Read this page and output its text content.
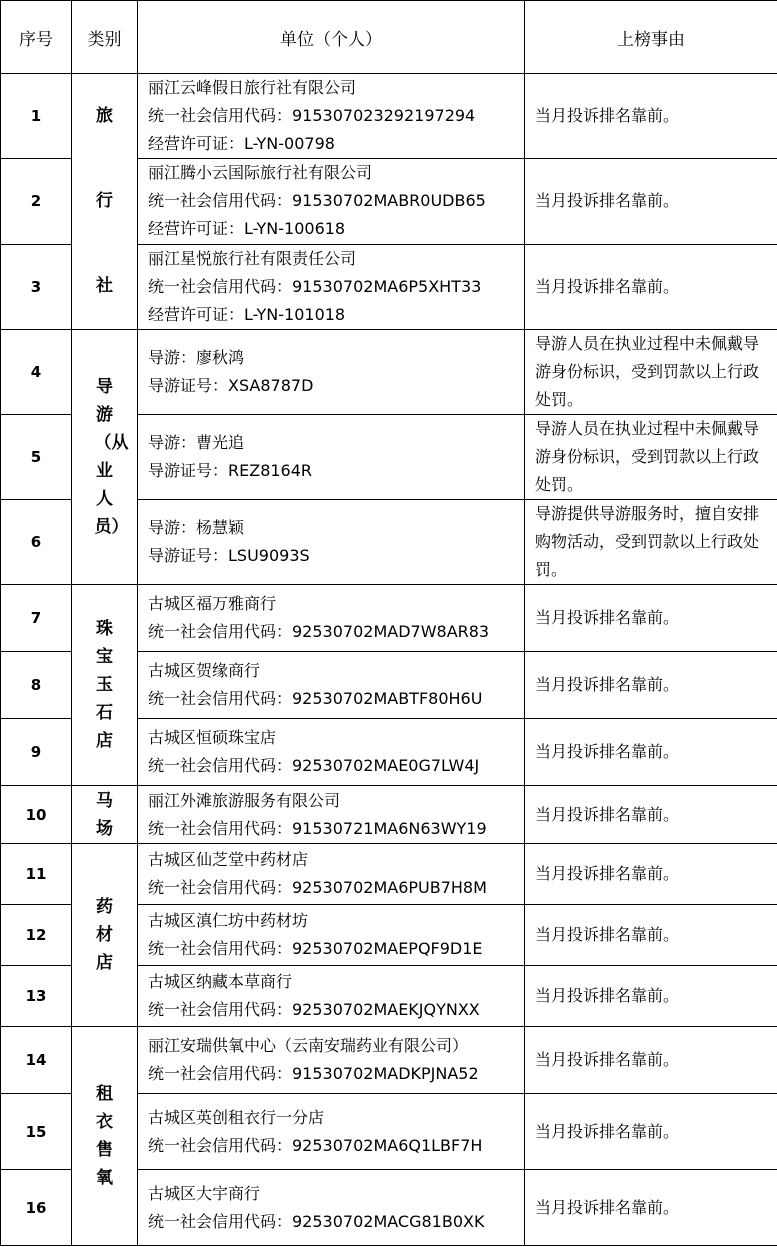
序号	类别	单位（个人）	上榜事由
1	旅行社	丽江云峰假日旅行社有限公司
统一社会信用代码：915307023292197294
经营许可证：L-YN-00798	当月投诉排名靠前。
2		丽江腾小云国际旅行社有限公司
统一社会信用代码：91530702MABR0UDB65
经营许可证：L-YN-100618	当月投诉排名靠前。
3		丽江星悦旅行社有限责任公司
统一社会信用代码：91530702MA6P5XHT33
经营许可证：L-YN-101018	当月投诉排名靠前。
4	导游（从业人员）	导游：廖秋鸿
导游证号：XSA8787D	导游人员在执业过程中未佩戴导游身份标识，受到罚款以上行政处罚。
5		导游：曹光追
导游证号：REZ8164R	导游人员在执业过程中未佩戴导游身份标识，受到罚款以上行政处罚。
6		导游：杨慧颖
导游证号：LSU9093S	导游提供导游服务时，擅自安排购物活动，受到罚款以上行政处罚。
7	珠宝玉石店	古城区福万雅商行
统一社会信用代码：92530702MAD7W8AR83	当月投诉排名靠前。
8		古城区贺缘商行
统一社会信用代码：92530702MABTF80H6U	当月投诉排名靠前。
9		古城区恒硕珠宝店
统一社会信用代码：92530702MAE0G7LW4J	当月投诉排名靠前。
10	马场	丽江外滩旅游服务有限公司
统一社会信用代码：91530721MA6N63WY19	当月投诉排名靠前。
11	药材店	古城区仙芝堂中药材店
统一社会信用代码：92530702MA6PUB7H8M	当月投诉排名靠前。
12		古城区滇仁坊中药材坊
统一社会信用代码：92530702MAEPQF9D1E	当月投诉排名靠前。
13		古城区纳藏本草商行
统一社会信用代码：92530702MAEKJQYNXX	当月投诉排名靠前。
14	租衣售氧	丽江安瑞供氧中心（云南安瑞药业有限公司）
统一社会信用代码：91530702MADKPJNA52	当月投诉排名靠前。
15		古城区英创租衣行一分店
统一社会信用代码：92530702MA6Q1LBF7H	当月投诉排名靠前。
16		古城区大宇商行
统一社会信用代码：92530702MACG81B0XK	当月投诉排名靠前。
